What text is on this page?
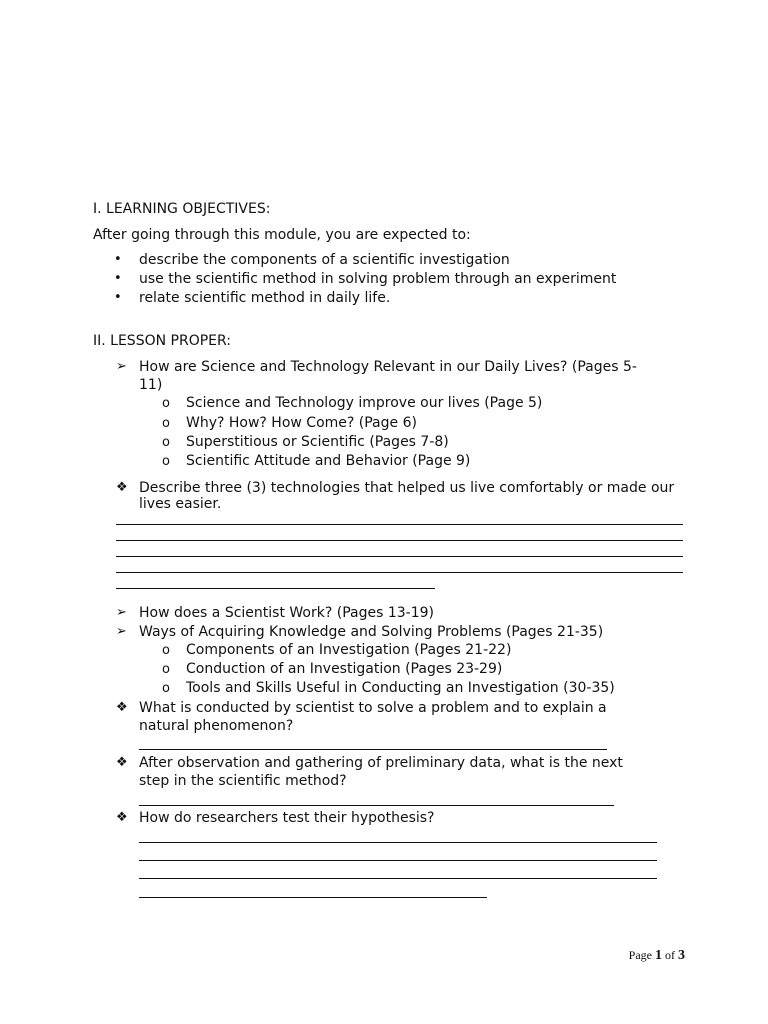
I. LEARNING OBJECTIVES:
After going through this module, you are expected to:
• describe the components of a scientific investigation
• use the scientific method in solving problem through an experiment
• relate scientific method in daily life.
II. LESSON PROPER:
➢ How are Science and Technology Relevant in our Daily Lives? (Pages 5-
11)
o Science and Technology improve our lives (Page 5)
o Why? How? How Come? (Page 6)
o Superstitious or Scientific (Pages 7-8)
o Scientific Attitude and Behavior (Page 9)
❖ Describe three (3) technologies that helped us live comfortably or made our
lives easier.
➢ How does a Scientist Work? (Pages 13-19)
➢ Ways of Acquiring Knowledge and Solving Problems (Pages 21-35)
o Components of an Investigation (Pages 21-22)
o Conduction of an Investigation (Pages 23-29)
o Tools and Skills Useful in Conducting an Investigation (30-35)
❖ What is conducted by scientist to solve a problem and to explain a
natural phenomenon?
❖ After observation and gathering of preliminary data, what is the next
step in the scientific method?
❖ How do researchers test their hypothesis?
Page 1 of 3
